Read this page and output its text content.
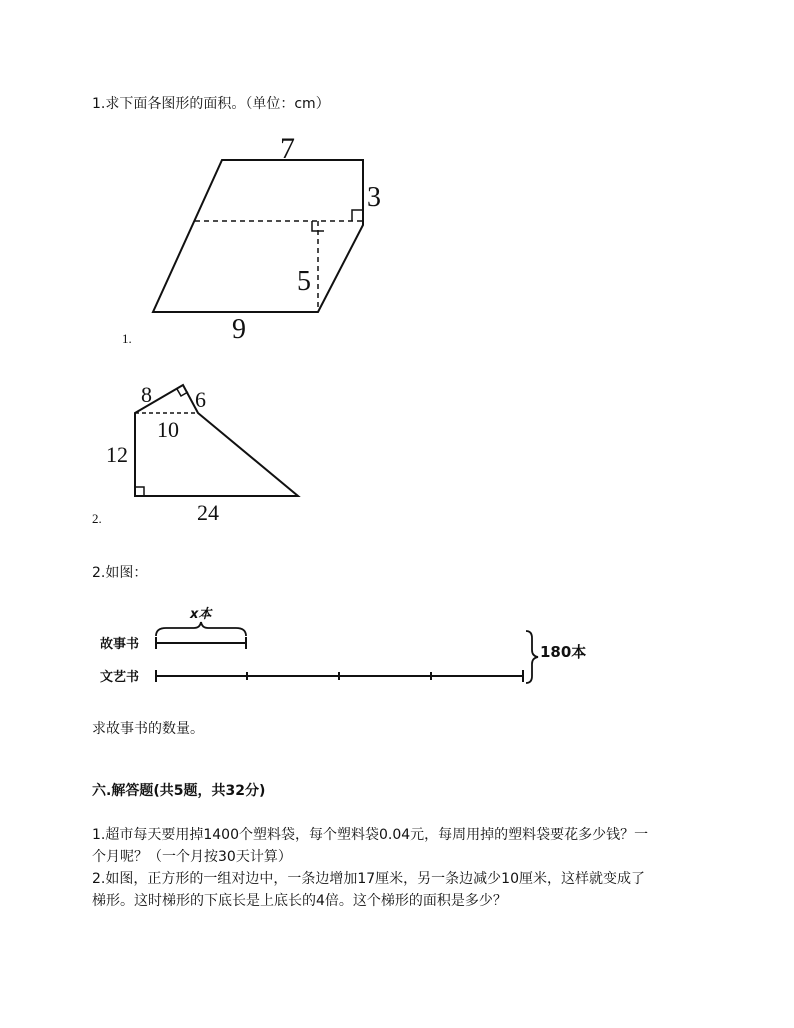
1.求下面各图形的面积。（单位：cm）
7
3
5
9
1.
8 6
10
12
24
2.
x本
故事书
文艺书
180本
2.如图：
求故事书的数量。
六.解答题(共5题，共32分)
1.超市每天要用掉1400个塑料袋，每个塑料袋0.04元，每周用掉的塑料袋要花多少钱？一
个月呢？（一个月按30天计算）
2.如图，正方形的一组对边中，一条边增加17厘米，另一条边减少10厘米，这样就变成了
梯形。这时梯形的下底长是上底长的4倍。这个梯形的面积是多少？
